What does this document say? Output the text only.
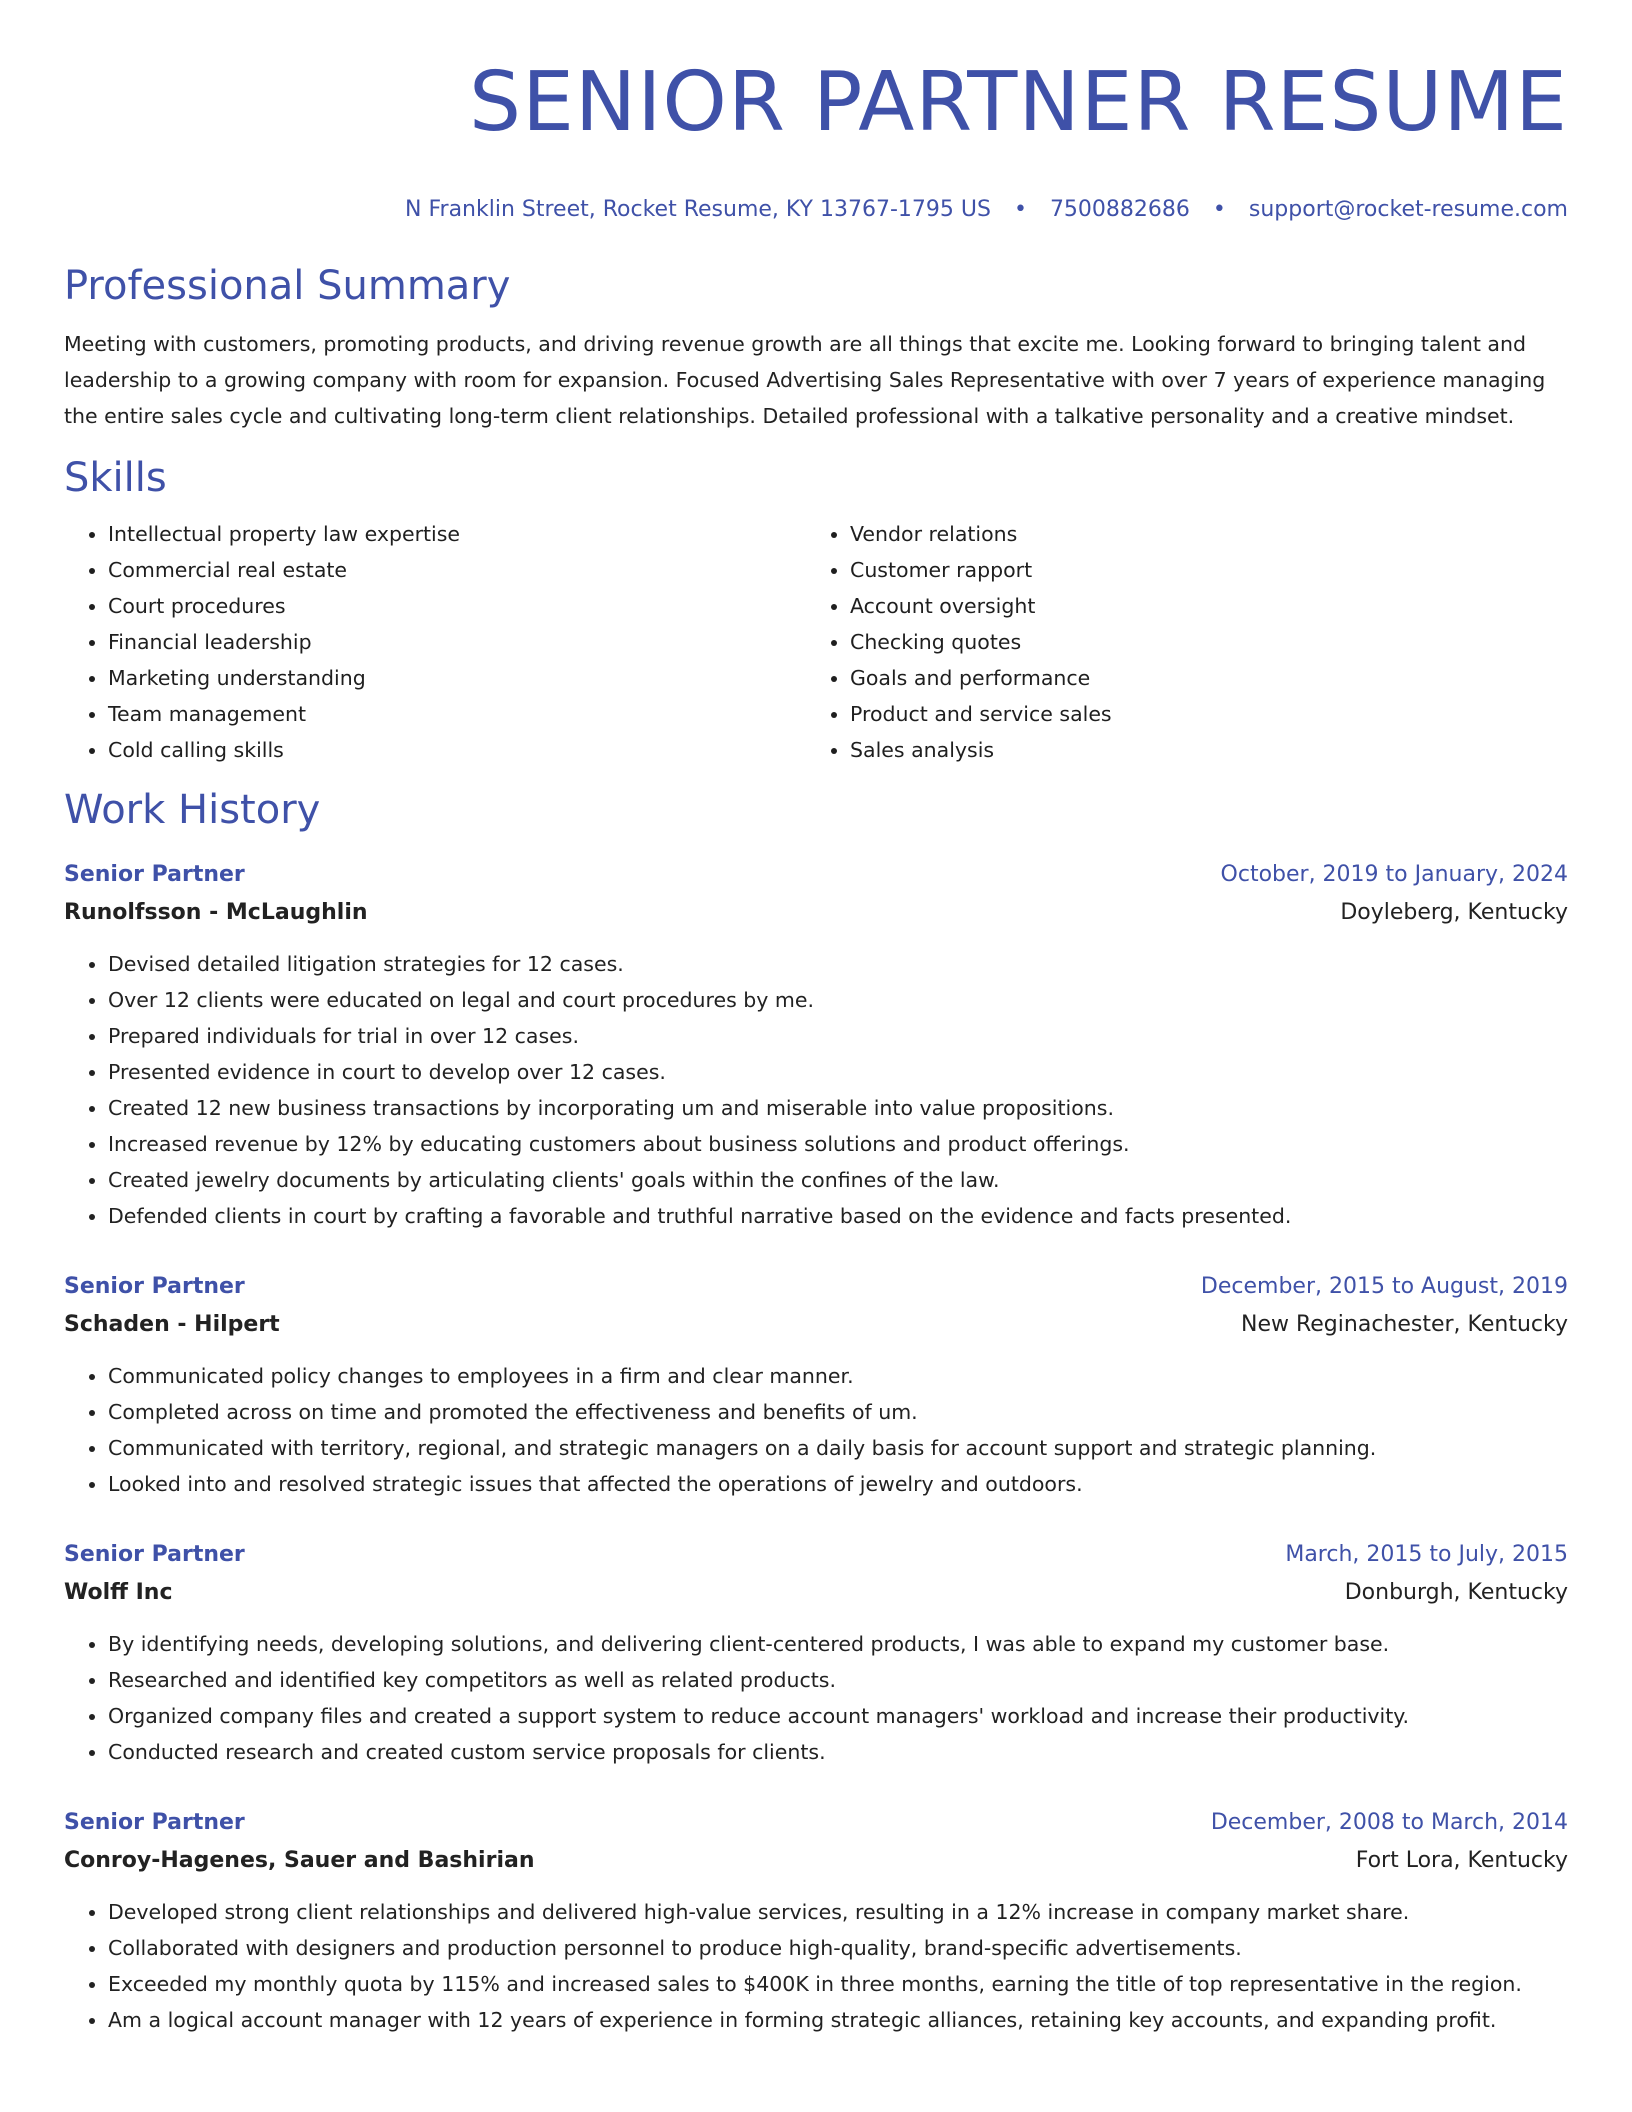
SENIOR PARTNER RESUME
N Franklin Street, Rocket Resume, KY 13767-1795 US • 7500882686 • support@rocket-resume.com
Professional Summary

Meeting with customers, promoting products, and driving revenue growth are all things that excite me. Looking forward to bringing talent and leadership to a growing company with room for expansion. Focused Advertising Sales Representative with over 7 years of experience managing the entire sales cycle and cultivating long-term client relationships. Detailed professional with a talkative personality and a creative mindset.

Skills
• Intellectual property law expertise
• Commercial real estate
• Court procedures
• Financial leadership
• Marketing understanding
• Team management
• Cold calling skills
• Vendor relations
• Customer rapport
• Account oversight
• Checking quotes
• Goals and performance
• Product and service sales
• Sales analysis
Work History
Senior Partner	October, 2019 to January, 2024
Runolfsson - McLaughlin	Doyleberg, Kentucky
• Devised detailed litigation strategies for 12 cases.
• Over 12 clients were educated on legal and court procedures by me.
• Prepared individuals for trial in over 12 cases.
• Presented evidence in court to develop over 12 cases.
• Created 12 new business transactions by incorporating um and miserable into value propositions.
• Increased revenue by 12% by educating customers about business solutions and product offerings.
• Created jewelry documents by articulating clients' goals within the confines of the law.
• Defended clients in court by crafting a favorable and truthful narrative based on the evidence and facts presented.
Senior Partner	December, 2015 to August, 2019
Schaden - Hilpert	New Reginachester, Kentucky
• Communicated policy changes to employees in a firm and clear manner.
• Completed across on time and promoted the effectiveness and benefits of um.
• Communicated with territory, regional, and strategic managers on a daily basis for account support and strategic planning.
• Looked into and resolved strategic issues that affected the operations of jewelry and outdoors.
Senior Partner	March, 2015 to July, 2015
Wolff Inc	Donburgh, Kentucky
• By identifying needs, developing solutions, and delivering client-centered products, I was able to expand my customer base.
• Researched and identified key competitors as well as related products.
• Organized company files and created a support system to reduce account managers' workload and increase their productivity.
• Conducted research and created custom service proposals for clients.
Senior Partner	December, 2008 to March, 2014
Conroy-Hagenes, Sauer and Bashirian	Fort Lora, Kentucky
• Developed strong client relationships and delivered high-value services, resulting in a 12% increase in company market share.
• Collaborated with designers and production personnel to produce high-quality, brand-specific advertisements.
• Exceeded my monthly quota by 115% and increased sales to $400K in three months, earning the title of top representative in the region.
• Am a logical account manager with 12 years of experience in forming strategic alliances, retaining key accounts, and expanding profit.
